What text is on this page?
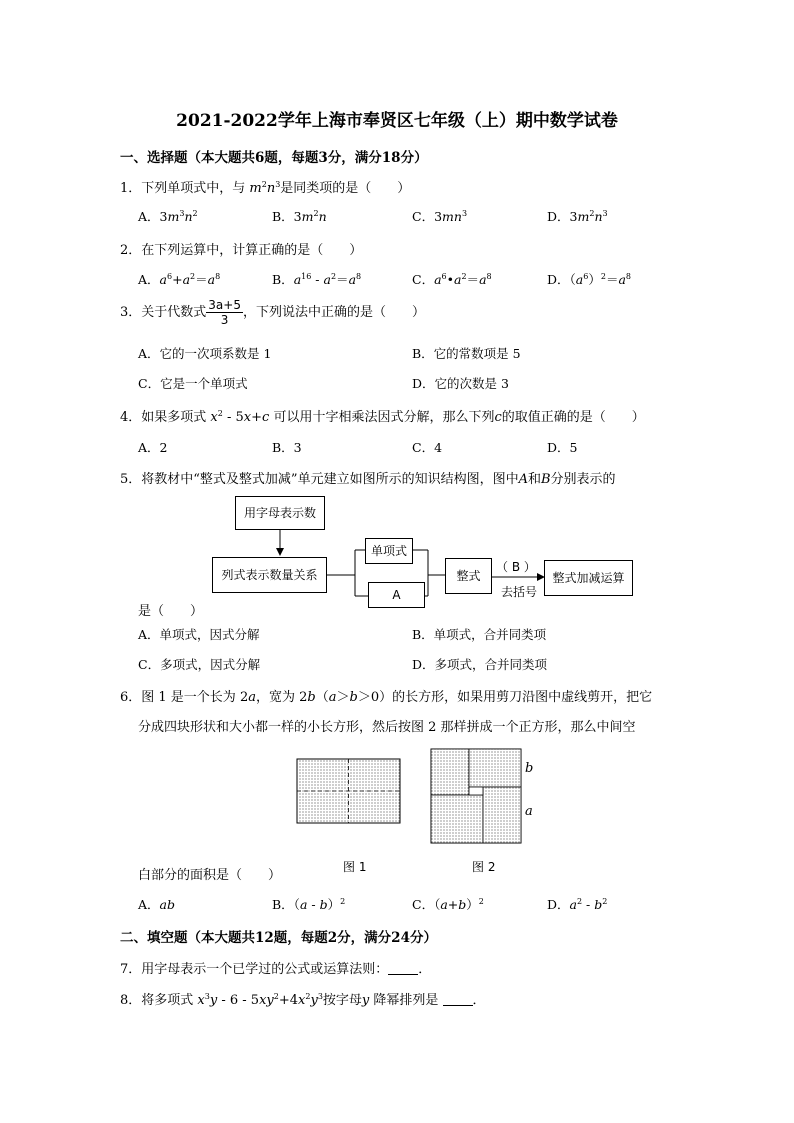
2021-2022学年上海市奉贤区七年级（上）期中数学试卷
一、选择题（本大题共6题，每题3分，满分18分）
1．下列单项式中，与 $m^2n^3$是同类项的是（　　）
A．$3m^3n^2$	B．$3m^2n$	C．$3mn^3$	D．$3m^2n^3$
2．在下列运算中，计算正确的是（　　）
A．$a^6+a^2=a^8$	B．$a^{16} - a^2=a^8$	C．$a^6•a^2=a^8$	D．$(a^6)^2=a^8$
3．关于代数式 $\frac{3a+5}{3}$ ，下列说法中正确的是（　　）
A．它的一次项系数是 1	B．它的常数项是 5
C．它是一个单项式	D．它的次数是 3
4．如果多项式 $x^2 - 5x+c$ 可以用十字相乘法因式分解，那么下列c的取值正确的是（　　）
A．2	B．3	C．4	D．5
5．将教材中“整式及整式加减”单元建立如图所示的知识结构图，图中A和B分别表示的
用字母表示数
列式表示数量关系
单项式
A
整式
（ B ）
去括号
整式加减运算
是（　　）
A．单项式，因式分解	B．单项式，合并同类项
C．多项式，因式分解	D．多项式，合并同类项
6．图 1 是一个长为 2a，宽为 2b（a＞b＞0）的长方形，如果用剪刀沿图中虚线剪开，把它
分成四块形状和大小都一样的小长方形，然后按图 2 那样拼成一个正方形，那么中间空
b
a
图 1	图 2
白部分的面积是（　　）
A．ab	B．（a - b）$^2$	C．$(a+b)^2$	D．$a^2 - b^2$
二、填空题（本大题共12题，每题2分，满分24分）
7．用字母表示一个已学过的公式或运算法则： ．
8．将多项式 $x^3y - 6 - 5xy^2+4x^2y^3$按字母y 降幂排列是 ．
